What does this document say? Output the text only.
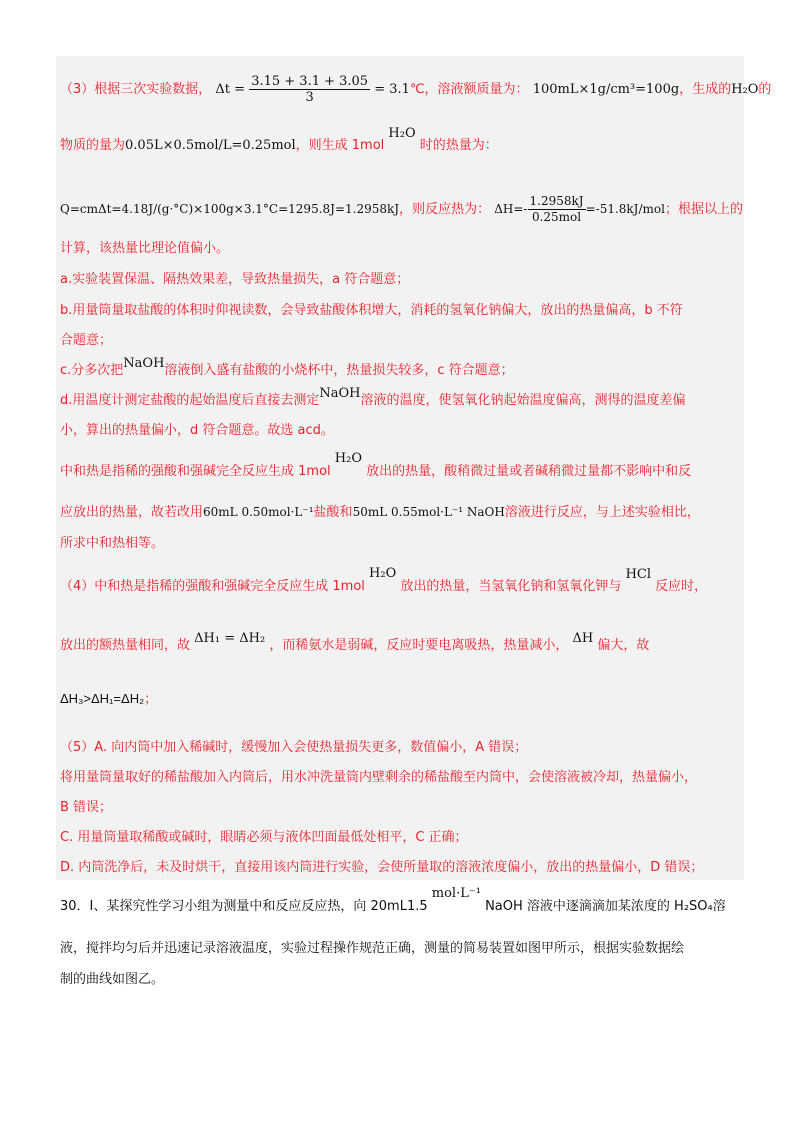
（3）根据三次实验数据， $\Delta t = \frac{3.15 + 3.1 + 3.05}{3}$ = 3.1℃，溶液额质量为： 100mL×1g/cm³=100g，生成的H₂O的
物质的量为0.05L×0.5mol/L=0.25mol，则生成 1mol H₂O 时的热量为：
Q=cmΔt=4.18J/(g·°C)×100g×3.1°C=1295.8J=1.2958kJ，则反应热为： $\Delta H=- \frac{1.2958kJ}{\text{0.25mol}} =-51.8kJ/mol$；根据以上的
计算，该热量比理论值偏小。
a.实验装置保温、隔热效果差，导致热量损失，a 符合题意；
b.用量筒量取盐酸的体积时仰视读数，会导致盐酸体积增大，消耗的氢氧化钠偏大，放出的热量偏高，b 不符
合题意；
c.分多次把NaOH溶液倒入盛有盐酸的小烧杯中，热量损失较多，c 符合题意；
d.用温度计测定盐酸的起始温度后直接去测定NaOH溶液的温度，使氢氧化钠起始温度偏高，测得的温度差偏
小，算出的热量偏小，d 符合题意。故选 acd。
中和热是指稀的强酸和强碱完全反应生成 1mol H₂O 放出的热量，酸稍微过量或者碱稍微过量都不影响中和反
应放出的热量，故若改用60mL 0.50mol·L⁻¹盐酸和50mL 0.55mol·L⁻¹ NaOH溶液进行反应，与上述实验相比，
所求中和热相等。
（4）中和热是指稀的强酸和强碱完全反应生成 1mol H₂O 放出的热量，当氢氧化钠和氢氧化钾与 HCl 反应时，
放出的额热量相同，故 ΔH₁ = ΔH₂ ，而稀氨水是弱碱，反应时要电离吸热，热量减小， ΔH 偏大，故
ΔH₃>ΔH₁=ΔH₂；
（5）A. 向内筒中加入稀碱时，缓慢加入会使热量损失更多，数值偏小，A 错误；
将用量筒量取好的稀盐酸加入内筒后，用水冲洗量筒内壁剩余的稀盐酸至内筒中，会使溶液被冷却，热量偏小，
B 错误；
C. 用量筒量取稀酸或碱时，眼睛必须与液体凹面最低处相平，C 正确；
D. 内筒洗净后，未及时烘干，直接用该内筒进行实验，会使所量取的溶液浓度偏小，放出的热量偏小，D 错误；
30．Ⅰ、某探究性学习小组为测量中和反应反应热，向 20mL1.5 mol·L⁻¹ NaOH 溶液中逐滴滴加某浓度的 H₂SO₄溶
液，搅拌均匀后并迅速记录溶液温度，实验过程操作规范正确，测量的简易装置如图甲所示，根据实验数据绘
制的曲线如图乙。
